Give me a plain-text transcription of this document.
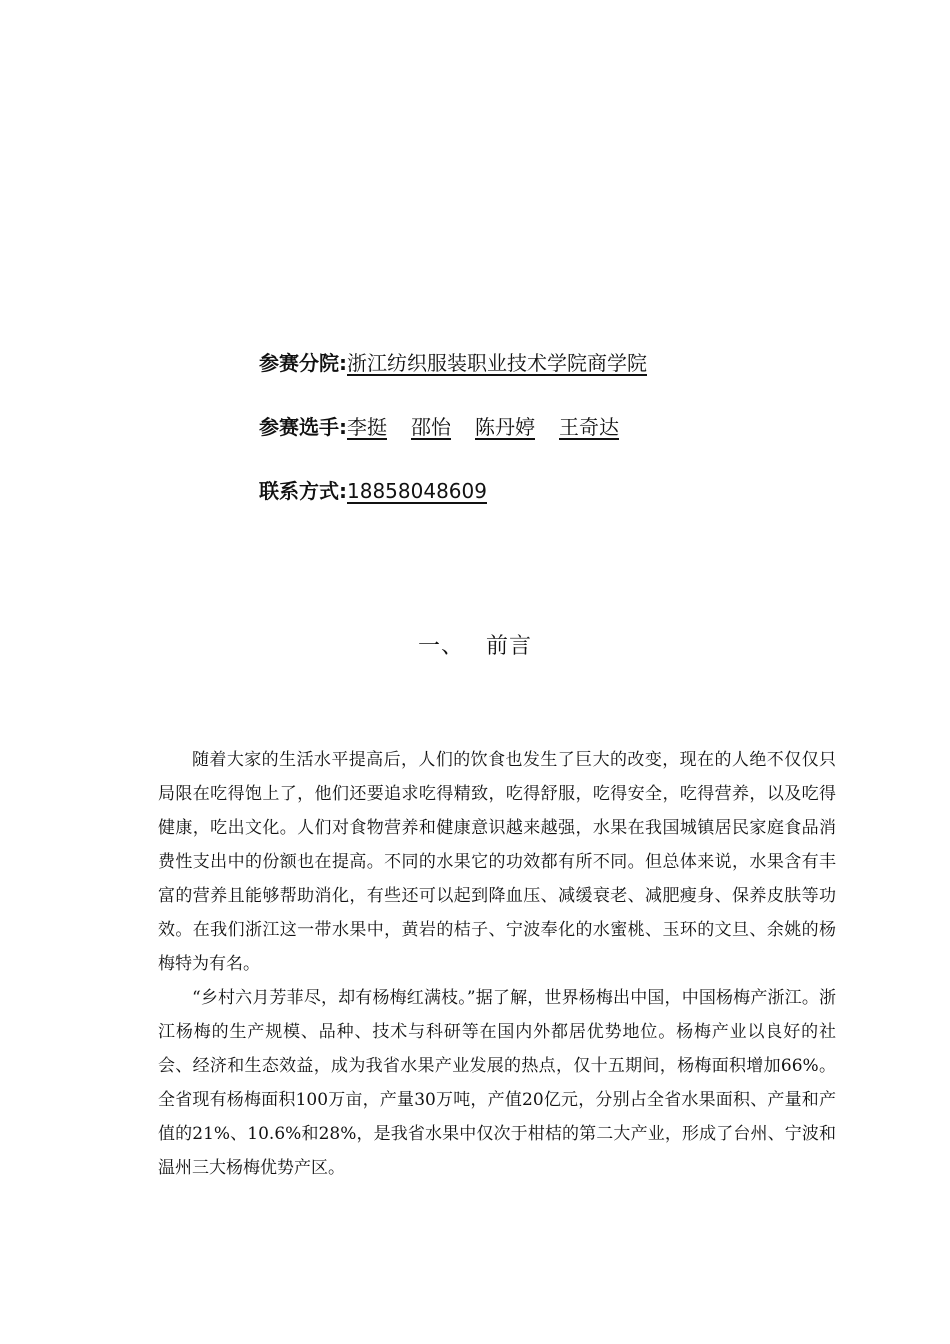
参赛分院:浙江纺织服装职业技术学院商学院
参赛选手:李挺 邵怡 陈丹婷 王奇达
联系方式:18858048609
一、 前言

随着大家的生活水平提高后，人们的饮食也发生了巨大的改变，现在的人绝不仅仅只局限在吃得饱上了，他们还要追求吃得精致，吃得舒服，吃得安全，吃得营养，以及吃得健康，吃出文化。人们对食物营养和健康意识越来越强，水果在我国城镇居民家庭食品消费性支出中的份额也在提高。不同的水果它的功效都有所不同。但总体来说，水果含有丰富的营养且能够帮助消化，有些还可以起到降血压、减缓衰老、减肥瘦身、保养皮肤等功效。在我们浙江这一带水果中，黄岩的桔子、宁波奉化的水蜜桃、玉环的文旦、余姚的杨梅特为有名。

“乡村六月芳菲尽，却有杨梅红满枝。”据了解，世界杨梅出中国，中国杨梅产浙江。浙江杨梅的生产规模、品种、技术与科研等在国内外都居优势地位。杨梅产业以良好的社会、经济和生态效益，成为我省水果产业发展的热点，仅十五期间，杨梅面积增加66%。全省现有杨梅面积100万亩，产量30万吨，产值20亿元，分别占全省水果面积、产量和产值的21%、10.6%和28%，是我省水果中仅次于柑桔的第二大产业，形成了台州、宁波和温州三大杨梅优势产区。
